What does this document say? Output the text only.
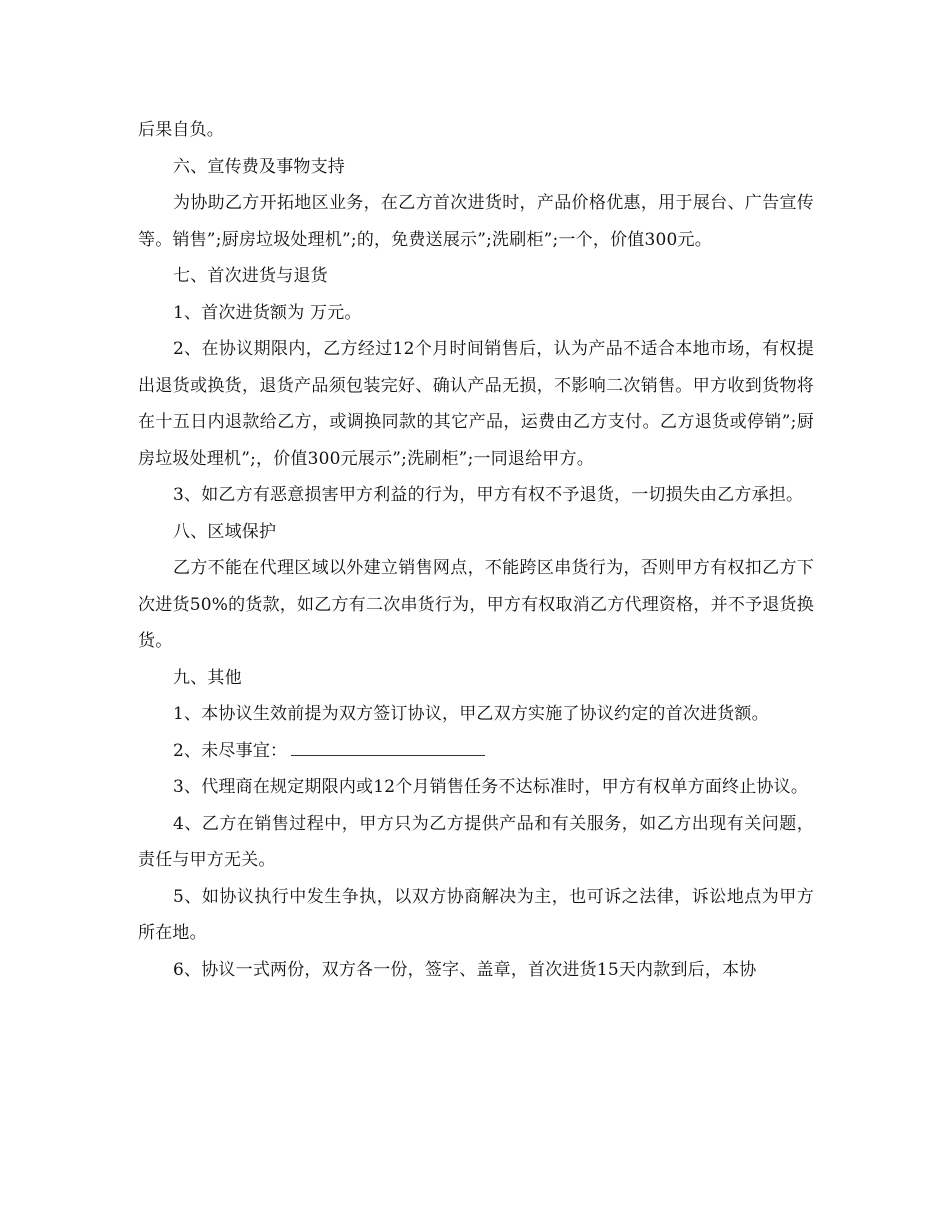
后果自负。

六、宣传费及事物支持

为协助乙方开拓地区业务，在乙方首次进货时，产品价格优惠，用于展台、广告宣传等。销售”;厨房垃圾处理机”;的，免费送展示”;洗刷柜”;一个，价值300元。

七、首次进货与退货

1、首次进货额为 万元。

2、在协议期限内，乙方经过12个月时间销售后，认为产品不适合本地市场，有权提出退货或换货，退货产品须包装完好、确认产品无损，不影响二次销售。甲方收到货物将在十五日内退款给乙方，或调换同款的其它产品，运费由乙方支付。乙方退货或停销”;厨房垃圾处理机”;，价值300元展示”;洗刷柜”;一同退给甲方。

3、如乙方有恶意损害甲方利益的行为，甲方有权不予退货，一切损失由乙方承担。

八、区域保护

乙方不能在代理区域以外建立销售网点，不能跨区串货行为，否则甲方有权扣乙方下次进货50%的货款，如乙方有二次串货行为，甲方有权取消乙方代理资格，并不予退货换货。

九、其他

1、本协议生效前提为双方签订协议，甲乙双方实施了协议约定的首次进货额。

2、未尽事宜：

3、代理商在规定期限内或12个月销售任务不达标准时，甲方有权单方面终止协议。

4、乙方在销售过程中，甲方只为乙方提供产品和有关服务，如乙方出现有关问题，责任与甲方无关。

5、如协议执行中发生争执，以双方协商解决为主，也可诉之法律，诉讼地点为甲方所在地。

6、协议一式两份，双方各一份，签字、盖章，首次进货15天内款到后，本协
